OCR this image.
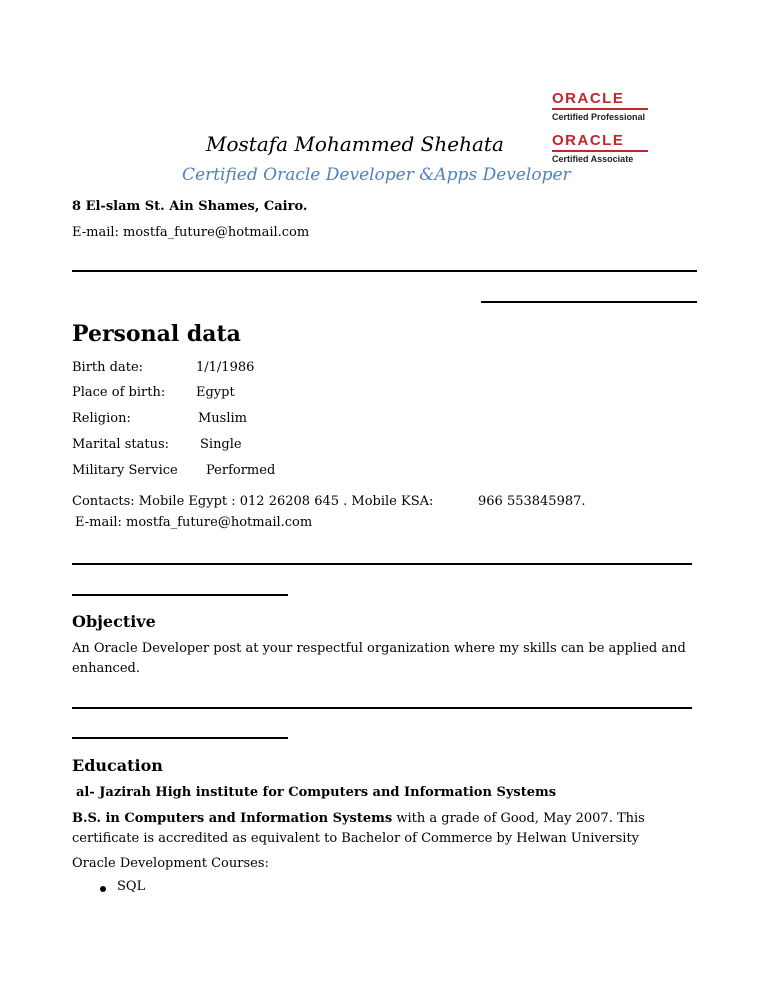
ORACLE
Certified Professional
ORACLE
Certified Associate
Mostafa Mohammed Shehata
Certified Oracle Developer &Apps Developer
8 El-slam St. Ain Shames, Cairo.
E-mail: mostfa_future@hotmail.com
Personal data
Birth date:	1/1/1986
Place of birth: Egypt
Religion:	Muslim
Marital status: Single
Military Service Performed
Contacts: Mobile Egypt : 012 26208 645 . Mobile KSA:	966 553845987.
E-mail: mostfa_future@hotmail.com
Objective
An Oracle Developer post at your respectful organization where my skills can be applied and enhanced.
Education
al- Jazirah High institute for Computers and Information Systems
B.S. in Computers and Information Systems with a grade of Good, May 2007. This certificate is accredited as equivalent to Bachelor of Commerce by Helwan University
Oracle Development Courses:
SQL
